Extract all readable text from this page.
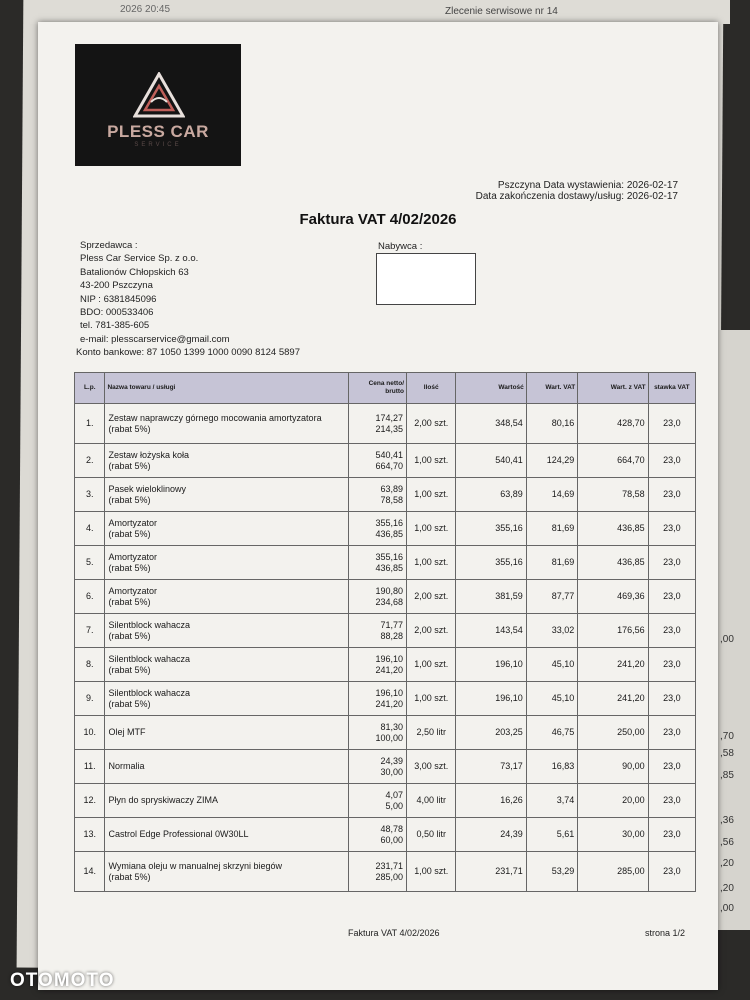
2026 20:45	Zlecenie serwisowe nr 14
,00
,70
,58
,85
,36
,56
,20
,20
,00
PLESS CAR
SERVICE
Pszczyna Data wystawienia: 2026-02-17
Data zakończenia dostawy/usług: 2026-02-17
Faktura VAT 4/02/2026
Sprzedawca :
Pless Car Service Sp. z o.o.
Batalionów Chłopskich 63
43-200 Pszczyna
NIP : 6381845096
BDO: 000533406
tel. 781-385-605
e-mail: plesscarservice@gmail.com
Nabywca :
Konto bankowe: 87 1050 1399 1000 0090 8124 5897
L.p.	Nazwa towaru / usługi	Cena netto/ brutto	Ilość	Wartość	Wart. VAT	Wart. z VAT	stawka VAT
1.	Zestaw naprawczy górnego mocowania amortyzatora
(rabat 5%)	174,27
214,35	2,00 szt.	348,54	80,16	428,70	23,0
2.	Zestaw łożyska koła
(rabat 5%)	540,41
664,70	1,00 szt.	540,41	124,29	664,70	23,0
3.	Pasek wieloklinowy
(rabat 5%)	63,89
78,58	1,00 szt.	63,89	14,69	78,58	23,0
4.	Amortyzator
(rabat 5%)	355,16
436,85	1,00 szt.	355,16	81,69	436,85	23,0
5.	Amortyzator
(rabat 5%)	355,16
436,85	1,00 szt.	355,16	81,69	436,85	23,0
6.	Amortyzator
(rabat 5%)	190,80
234,68	2,00 szt.	381,59	87,77	469,36	23,0
7.	Silentblock wahacza
(rabat 5%)	71,77
88,28	2,00 szt.	143,54	33,02	176,56	23,0
8.	Silentblock wahacza
(rabat 5%)	196,10
241,20	1,00 szt.	196,10	45,10	241,20	23,0
9.	Silentblock wahacza
(rabat 5%)	196,10
241,20	1,00 szt.	196,10	45,10	241,20	23,0
10.	Olej MTF	81,30
100,00	2,50 litr	203,25	46,75	250,00	23,0
11.	Normalia	24,39
30,00	3,00 szt.	73,17	16,83	90,00	23,0
12.	Płyn do spryskiwaczy ZIMA	4,07
5,00	4,00 litr	16,26	3,74	20,00	23,0
13.	Castrol Edge Professional 0W30LL	48,78
60,00	0,50 litr	24,39	5,61	30,00	23,0
14.	Wymiana oleju w manualnej skrzyni biegów
(rabat 5%)	231,71
285,00	1,00 szt.	231,71	53,29	285,00	23,0
Faktura VAT 4/02/2026	strona 1/2
OTOMOTO
